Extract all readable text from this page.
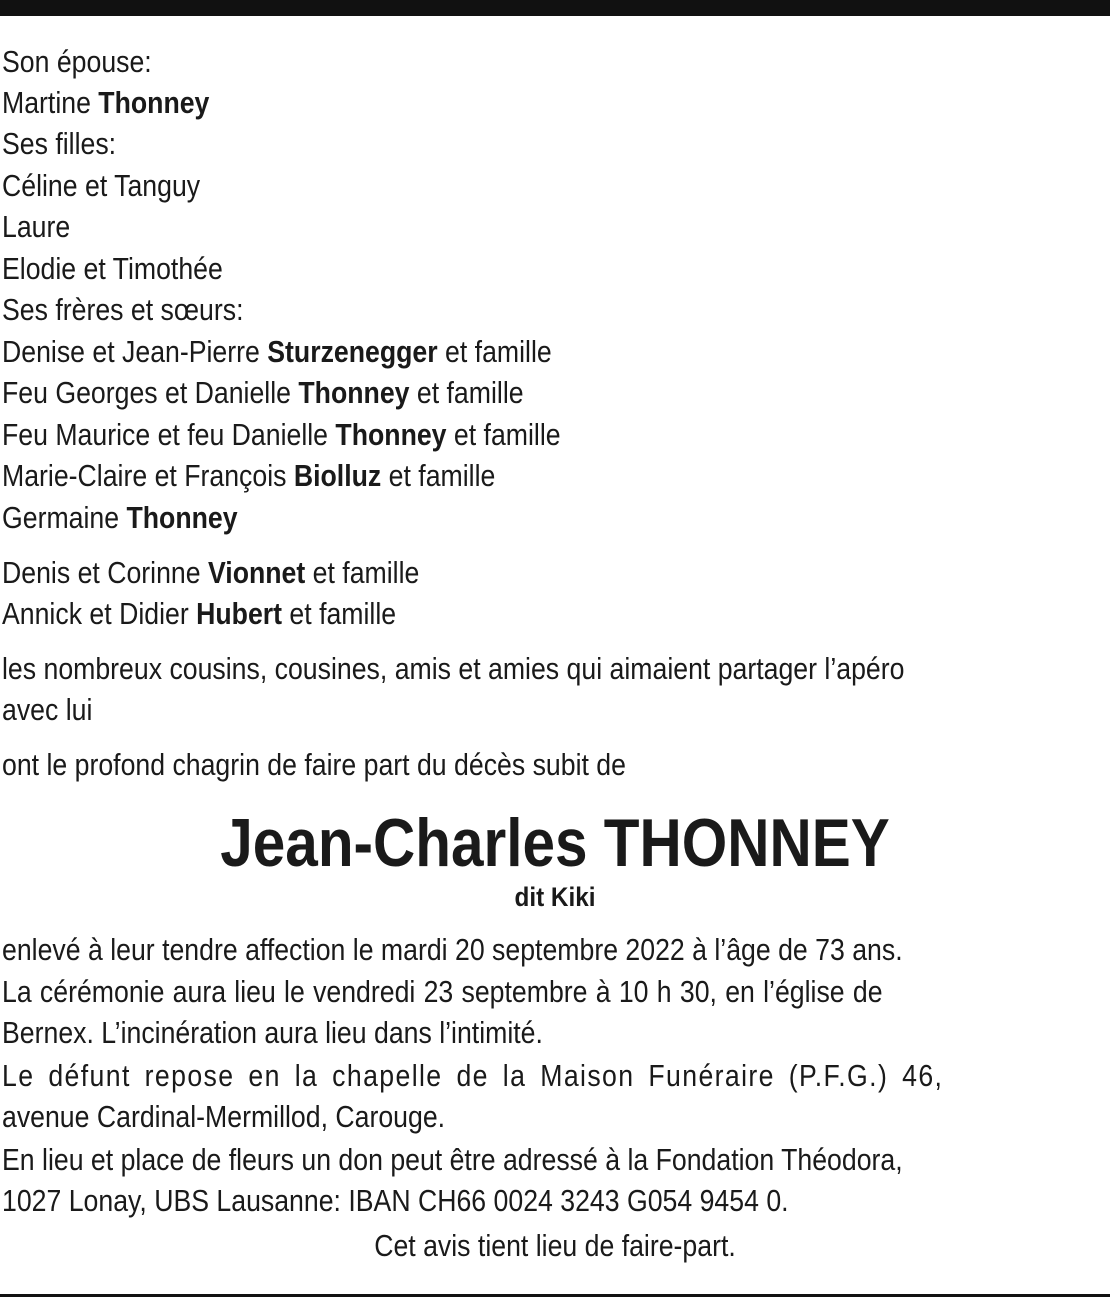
Son épouse:
Martine Thonney
Ses filles:
Céline et Tanguy
Laure
Elodie et Timothée
Ses frères et sœurs:
Denise et Jean-Pierre Sturzenegger et famille
Feu Georges et Danielle Thonney et famille
Feu Maurice et feu Danielle Thonney et famille
Marie-Claire et François Biolluz et famille
Germaine Thonney
Denis et Corinne Vionnet et famille
Annick et Didier Hubert et famille
les nombreux cousins, cousines, amis et amies qui aimaient partager l’apéro
avec lui
ont le profond chagrin de faire part du décès subit de
Jean-Charles THONNEY
dit Kiki
enlevé à leur tendre affection le mardi 20 septembre 2022 à l’âge de 73 ans.
La cérémonie aura lieu le vendredi 23 septembre à 10 h 30, en l’église de
Bernex. L’incinération aura lieu dans l’intimité.
Le défunt repose en la chapelle de la Maison Funéraire (P.F.G.) 46,
avenue Cardinal-Mermillod, Carouge.
En lieu et place de fleurs un don peut être adressé à la Fondation Théodora,
1027 Lonay, UBS Lausanne: IBAN CH66 0024 3243 G054 9454 0.
Cet avis tient lieu de faire-part.
